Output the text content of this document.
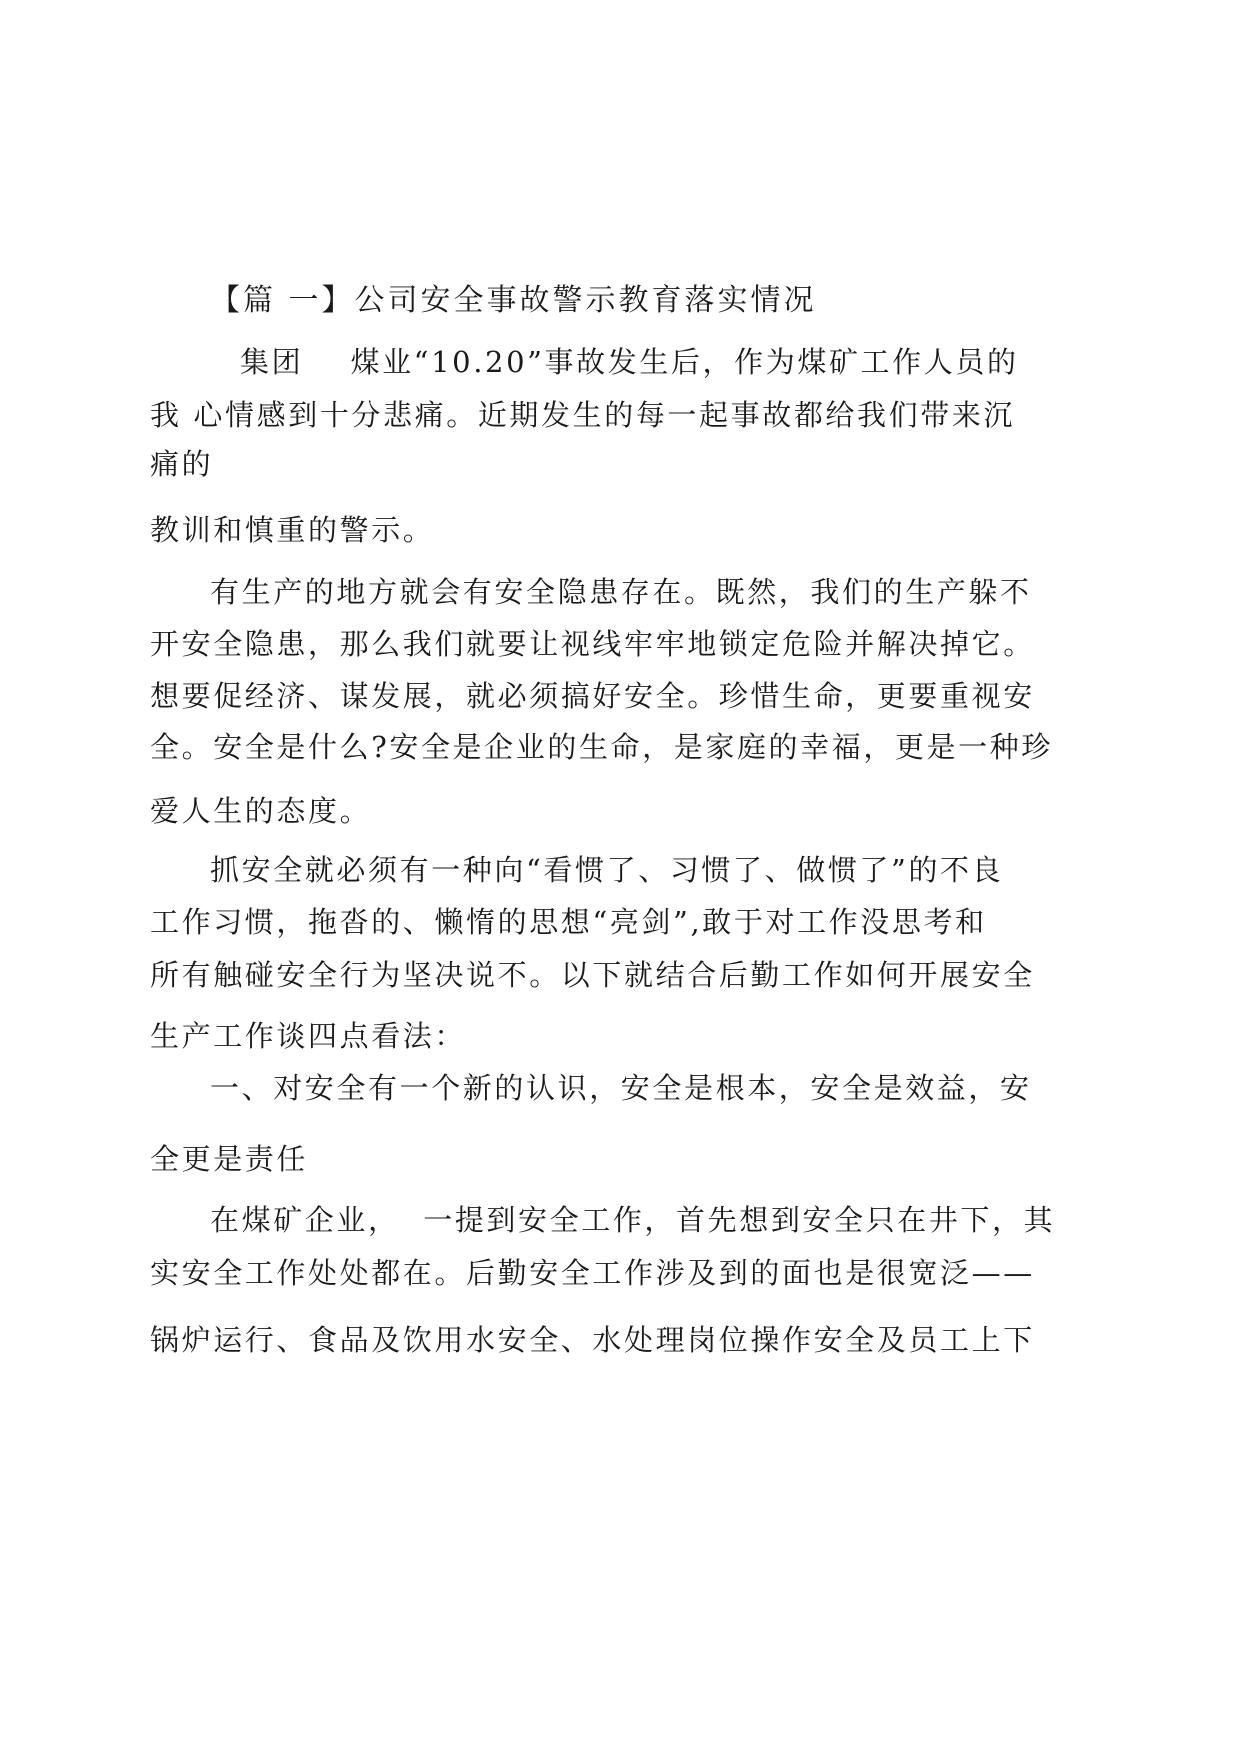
【篇 一】公司安全事故警示教育落实情况
集团    煤业“10.20”事故发生后，作为煤矿工作人员的
我 心情感到十分悲痛。近期发生的每一起事故都给我们带来沉
痛的
教训和慎重的警示。
有生产的地方就会有安全隐患存在。既然，我们的生产躲不
开安全隐患，那么我们就要让视线牢牢地锁定危险并解决掉它。
想要促经济、谋发展，就必须搞好安全。珍惜生命，更要重视安
全。安全是什么?安全是企业的生命，是家庭的幸福，更是一种珍
爱人生的态度。
抓安全就必须有一种向“看惯了、习惯了、做惯了”的不良
工作习惯，拖沓的、懒惰的思想“亮剑”,敢于对工作没思考和
所有触碰安全行为坚决说不。以下就结合后勤工作如何开展安全
生产工作谈四点看法：
一、对安全有一个新的认识，安全是根本，安全是效益，安
全更是责任
在煤矿企业，  一提到安全工作，首先想到安全只在井下，其
实安全工作处处都在。后勤安全工作涉及到的面也是很宽泛——
锅炉运行、食品及饮用水安全、水处理岗位操作安全及员工上下
